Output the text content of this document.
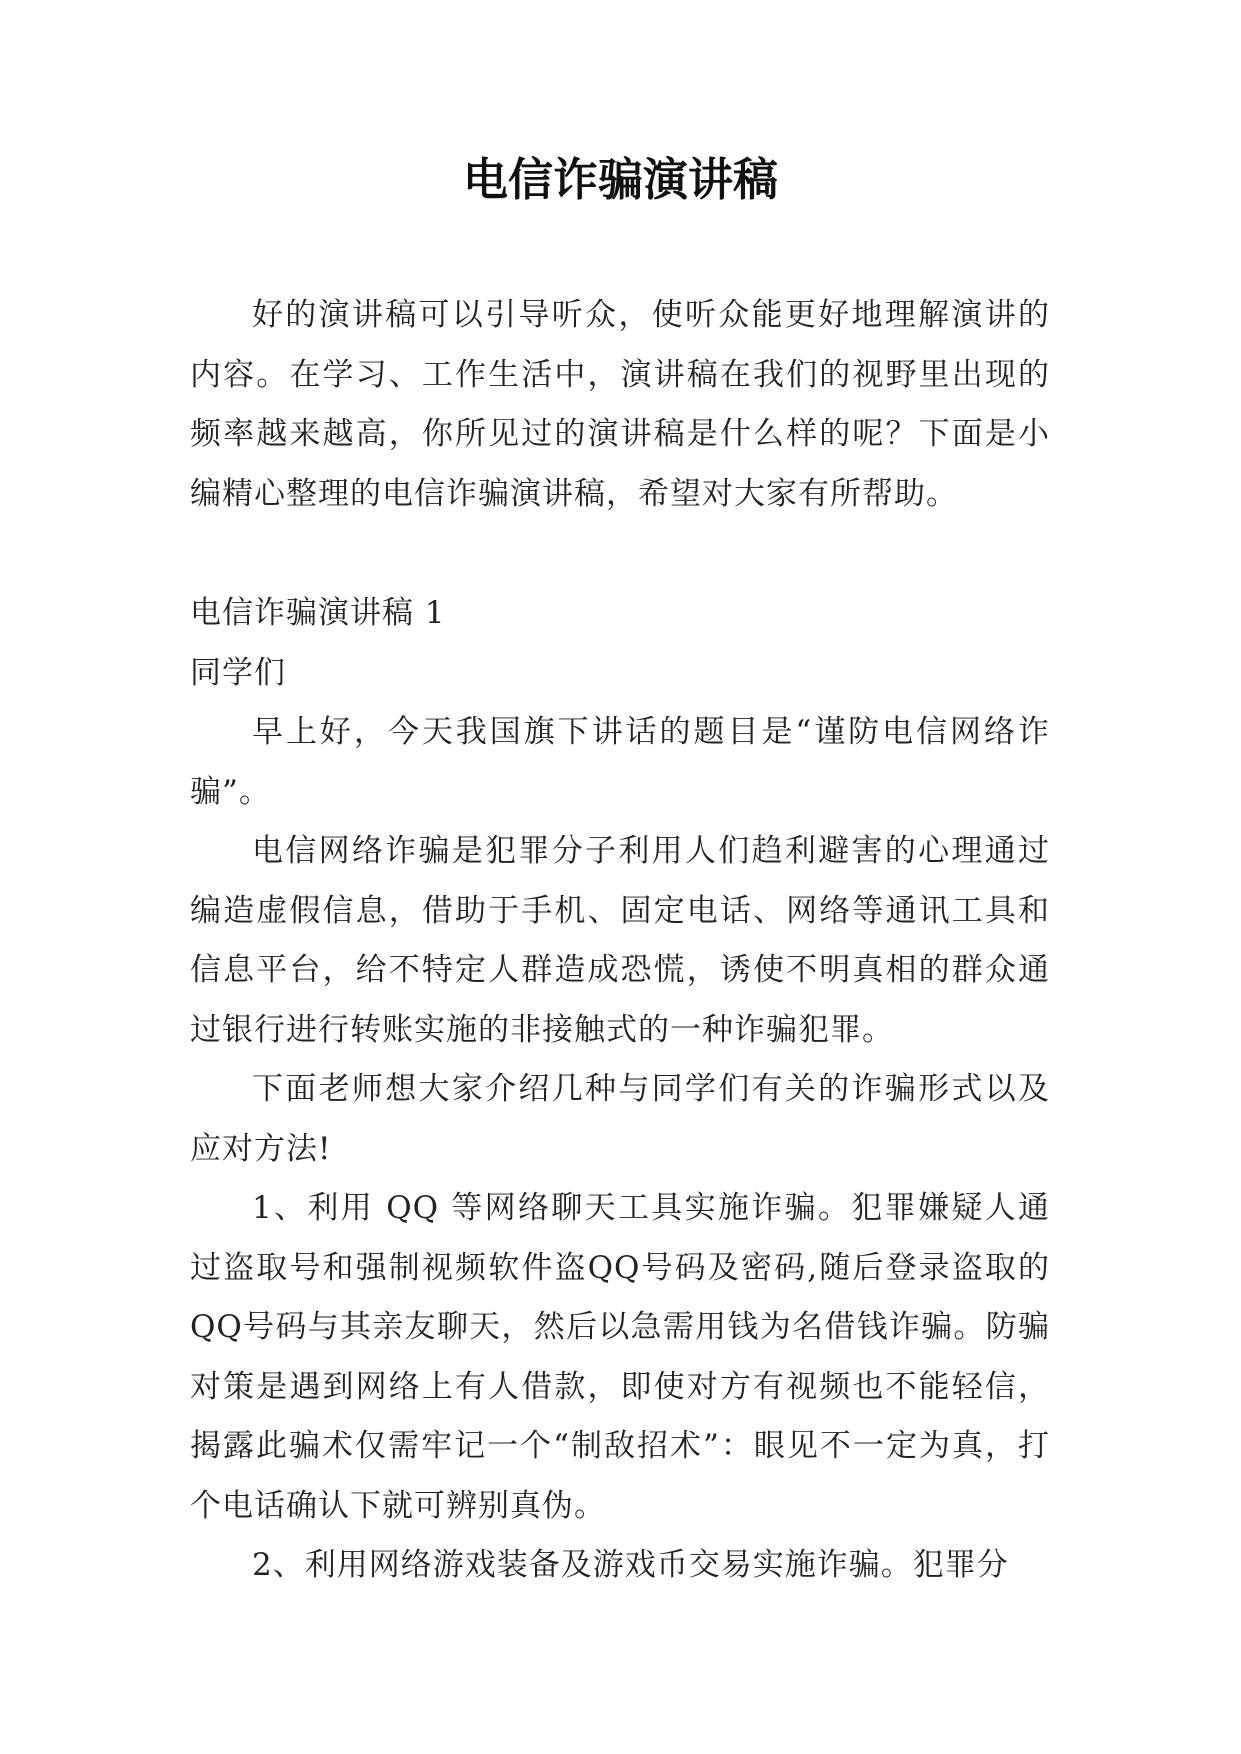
电信诈骗演讲稿

好的演讲稿可以引导听众，使听众能更好地理解演讲的内容。在学习、工作生活中，演讲稿在我们的视野里出现的频率越来越高，你所见过的演讲稿是什么样的呢？下面是小编精心整理的电信诈骗演讲稿，希望对大家有所帮助。

电信诈骗演讲稿 1

同学们

早上好，今天我国旗下讲话的题目是“谨防电信网络诈骗”。

电信网络诈骗是犯罪分子利用人们趋利避害的心理通过编造虚假信息，借助于手机、固定电话、网络等通讯工具和信息平台，给不特定人群造成恐慌，诱使不明真相的群众通过银行进行转账实施的非接触式的一种诈骗犯罪。

下面老师想大家介绍几种与同学们有关的诈骗形式以及应对方法!

1、利用 QQ 等网络聊天工具实施诈骗。犯罪嫌疑人通过盗取号和强制视频软件盗QQ号码及密码,随后登录盗取的QQ号码与其亲友聊天，然后以急需用钱为名借钱诈骗。防骗对策是遇到网络上有人借款，即使对方有视频也不能轻信，揭露此骗术仅需牢记一个“制敌招术”：眼见不一定为真，打个电话确认下就可辨别真伪。

2、利用网络游戏装备及游戏币交易实施诈骗。犯罪分
